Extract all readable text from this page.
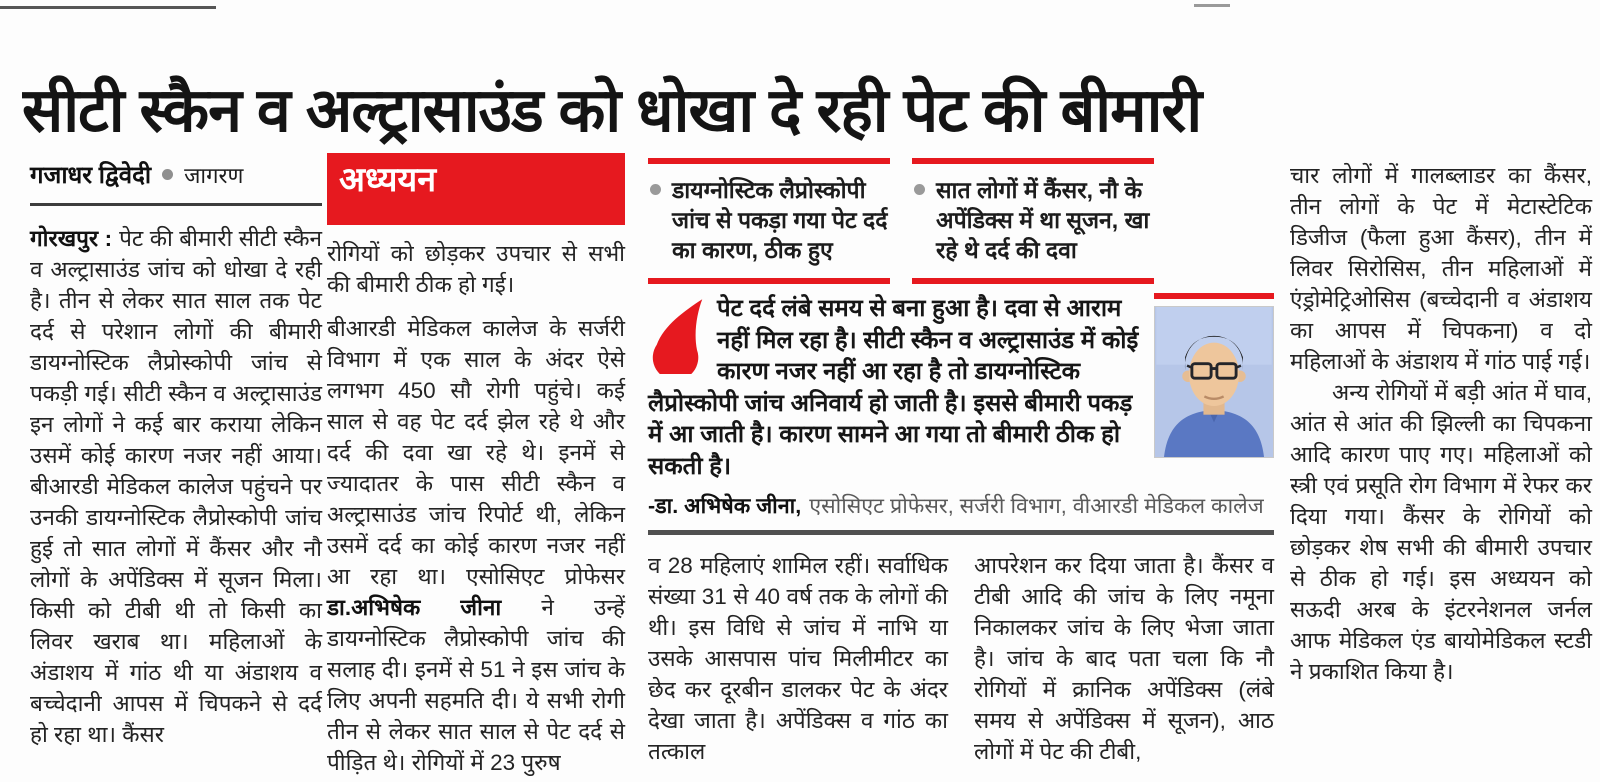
सीटी स्कैन व अल्ट्रासाउंड को धोखा दे रही पेट की बीमारी
गजाधर द्विवेदी जागरण

गोरखपुर : पेट की बीमारी सीटी स्कैन व अल्ट्रासाउंड जांच को धोखा दे रही है। तीन से लेकर सात साल तक पेट दर्द से परेशान लोगों की बीमारी डायग्नोस्टिक लैप्रोस्कोपी जांच से पकड़ी गई। सीटी स्कैन व अल्ट्रासाउंड इन लोगों ने कई बार कराया लेकिन उसमें कोई कारण नजर नहीं आया। बीआरडी मेडिकल कालेज पहुंचने पर उनकी डायग्नोस्टिक लैप्रोस्कोपी जांच हुई तो सात लोगों में कैंसर और नौ लोगों के अपेंडिक्स में सूजन मिला। किसी को टीबी थी तो किसी का लिवर खराब था। महिलाओं के अंडाशय में गांठ थी या अंडाशय व बच्चेदानी आपस में चिपकने से दर्द हो रहा था। कैंसर

अध्ययन

रोगियों को छोड़कर उपचार से सभी की बीमारी ठीक हो गई।

बीआरडी मेडिकल कालेज के सर्जरी विभाग में एक साल के अंदर ऐसे लगभग 450 सौ रोगी पहुंचे। कई साल से वह पेट दर्द झेल रहे थे और दर्द की दवा खा रहे थे। इनमें से ज्यादातर के पास सीटी स्कैन व अल्ट्रासाउंड जांच रिपोर्ट थी, लेकिन उसमें दर्द का कोई कारण नजर नहीं आ रहा था। एसोसिएट प्रोफेसर डा.अभिषेक जीना ने उन्हें डायग्नोस्टिक लैप्रोस्कोपी जांच की सलाह दी। इनमें से 51 ने इस जांच के लिए अपनी सहमति दी। ये सभी रोगी तीन से लेकर सात साल से पेट दर्द से पीड़ित थे। रोगियों में 23 पुरुष

डायग्नोस्टिक लैप्रोस्कोपी जांच से पकड़ा गया पेट दर्द का कारण, ठीक हुए
सात लोगों में कैंसर, नौ के अपेंडिक्स में था सूजन, खा रहे थे दर्द की दवा

पेट दर्द लंबे समय से बना हुआ है। दवा से आराम नहीं मिल रहा है। सीटी स्कैन व अल्ट्रासाउंड में कोई कारण नजर नहीं आ रहा है तो डायग्नोस्टिक लैप्रोस्कोपी जांच अनिवार्य हो जाती है। इससे बीमारी पकड़ में आ जाती है। कारण सामने आ गया तो बीमारी ठीक हो सकती है।

-डा. अभिषेक जीना, एसोसिएट प्रोफेसर, सर्जरी विभाग, वीआरडी मेडिकल कालेज

व 28 महिलाएं शामिल रहीं। सर्वाधिक संख्या 31 से 40 वर्ष तक के लोगों की थी। इस विधि से जांच में नाभि या उसके आसपास पांच मिलीमीटर का छेद कर दूरबीन डालकर पेट के अंदर देखा जाता है। अपेंडिक्स व गांठ का तत्काल

आपरेशन कर दिया जाता है। कैंसर व टीबी आदि की जांच के लिए नमूना निकालकर जांच के लिए भेजा जाता है। जांच के बाद पता चला कि नौ रोगियों में क्रानिक अपेंडिक्स (लंबे समय से अपेंडिक्स में सूजन), आठ लोगों में पेट की टीबी,

चार लोगों में गालब्लाडर का कैंसर, तीन लोगों के पेट में मेटास्टेटिक डिजीज (फैला हुआ कैंसर), तीन में लिवर सिरोसिस, तीन महिलाओं में एंड्रोमेट्रिओसिस (बच्चेदानी व अंडाशय का आपस में चिपकना) व दो महिलाओं के अंडाशय में गांठ पाई गई।

अन्य रोगियों में बड़ी आंत में घाव, आंत से आंत की झिल्ली का चिपकना आदि कारण पाए गए। महिलाओं को स्त्री एवं प्रसूति रोग विभाग में रेफर कर दिया गया। कैंसर के रोगियों को छोड़कर शेष सभी की बीमारी उपचार से ठीक हो गई। इस अध्ययन को सऊदी अरब के इंटरनेशनल जर्नल आफ मेडिकल एंड बायोमेडिकल स्टडी ने प्रकाशित किया है।
